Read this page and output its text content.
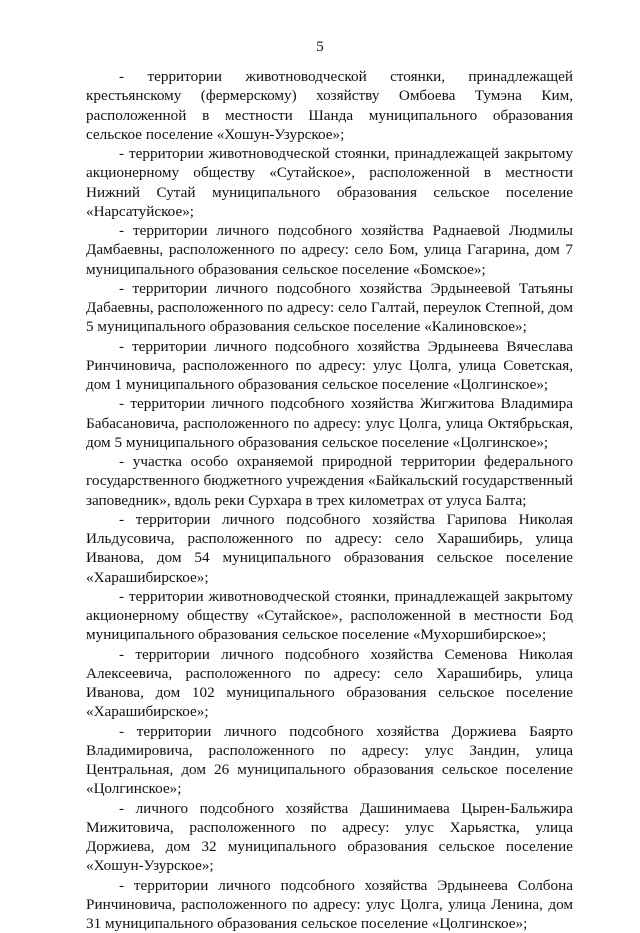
5

- территории животноводческой стоянки, принадлежащей крестьянскому (фермерскому) хозяйству Омбоева Тумэна Ким, расположенной в местности Шанда муниципального образования сельское поселение «Хошун-Узурское»;

- территории животноводческой стоянки, принадлежащей закрытому акционерному обществу «Сутайское», расположенной в местности Нижний Сутай муниципального образования сельское поселение «Нарсатуйское»;

- территории личного подсобного хозяйства Раднаевой Людмилы Дамбаевны, расположенного по адресу: село Бом, улица Гагарина, дом 7 муниципального образования сельское поселение «Бомское»;

- территории личного подсобного хозяйства Эрдынеевой Татьяны Дабаевны, расположенного по адресу: село Галтай, переулок Степной, дом 5 муниципального образования сельское поселение «Калиновское»;

- территории личного подсобного хозяйства Эрдынеева Вячеслава Ринчиновича, расположенного по адресу: улус Цолга, улица Советская, дом 1 муниципального образования сельское поселение «Цолгинское»;

- территории личного подсобного хозяйства Жигжитова Владимира Бабасановича, расположенного по адресу: улус Цолга, улица Октябрьская, дом 5 муниципального образования сельское поселение «Цолгинское»;

- участка особо охраняемой природной территории федерального государственного бюджетного учреждения «Байкальский государственный заповедник», вдоль реки Сурхара в трех километрах от улуса Балта;

- территории личного подсобного хозяйства Гарипова Николая Ильдусовича, расположенного по адресу: село Харашибирь, улица Иванова, дом 54 муниципального образования сельское поселение «Харашибирское»;

- территории животноводческой стоянки, принадлежащей закрытому акционерному обществу «Сутайское», расположенной в местности Бод муниципального образования сельское поселение «Мухоршибирское»;

- территории личного подсобного хозяйства Семенова Николая Алексеевича, расположенного по адресу: село Харашибирь, улица Иванова, дом 102 муниципального образования сельское поселение «Харашибирское»;

- территории личного подсобного хозяйства Доржиева Баярто Владимировича, расположенного по адресу: улус Зандин, улица Центральная, дом 26 муниципального образования сельское поселение «Цолгинское»;

- личного подсобного хозяйства Дашинимаева Цырен-Бальжира Мижитовича, расположенного по адресу: улус Харьястка, улица Доржиева, дом 32 муниципального образования сельское поселение «Хошун-Узурское»;

- территории личного подсобного хозяйства Эрдынеева Солбона Ринчиновича, расположенного по адресу: улус Цолга, улица Ленина, дом 31 муниципального образования сельское поселение «Цолгинское»;
